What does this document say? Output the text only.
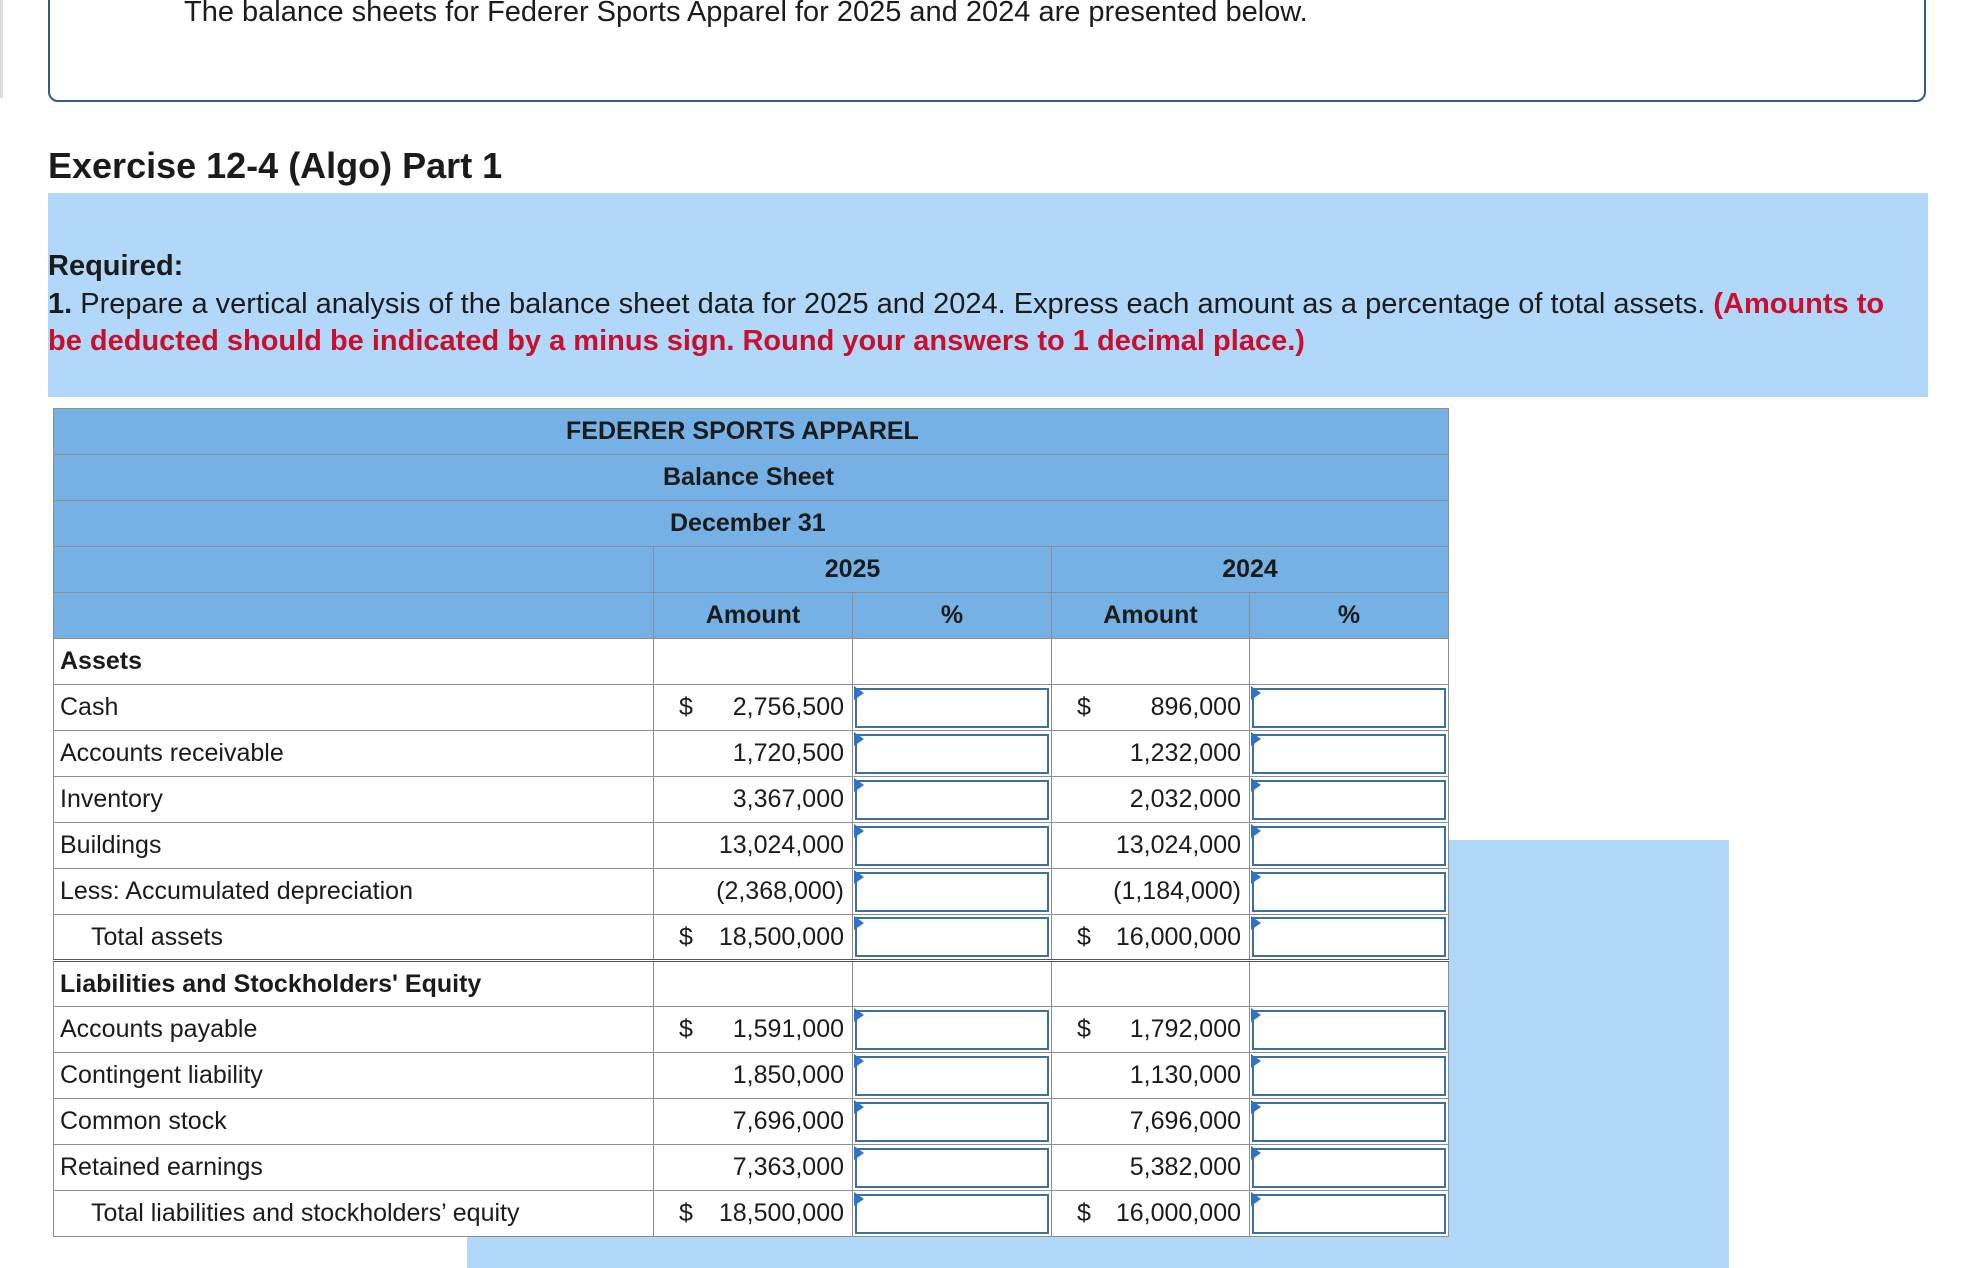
The balance sheets for Federer Sports Apparel for 2025 and 2024 are presented below.
Exercise 12-4 (Algo) Part 1
Required:
1. Prepare a vertical analysis of the balance sheet data for 2025 and 2024. Express each amount as a percentage of total assets. (Amounts to be deducted should be indicated by a minus sign. Round your answers to 1 decimal place.)
FEDERER SPORTS APPAREL				
Balance Sheet				
December 31				
	2025		2024	
	Amount	%	Amount	%
Assets				
Cash	$ 2,756,500		$ 896,000	

Accounts receivable	1,720,500		1,232,000	

Inventory	3,367,000		2,032,000	

Buildings	13,024,000		13,024,000	

Less: Accumulated depreciation	(2,368,000)		(1,184,000)	

Total assets	$ 18,500,000		$ 16,000,000	

Liabilities and Stockholders' Equity				
Accounts payable	$ 1,591,000		$ 1,792,000	

Contingent liability	1,850,000		1,130,000	

Common stock	7,696,000		7,696,000	

Retained earnings	7,363,000		5,382,000	

Total liabilities and stockholders’ equity	$ 18,500,000		$ 16,000,000	
